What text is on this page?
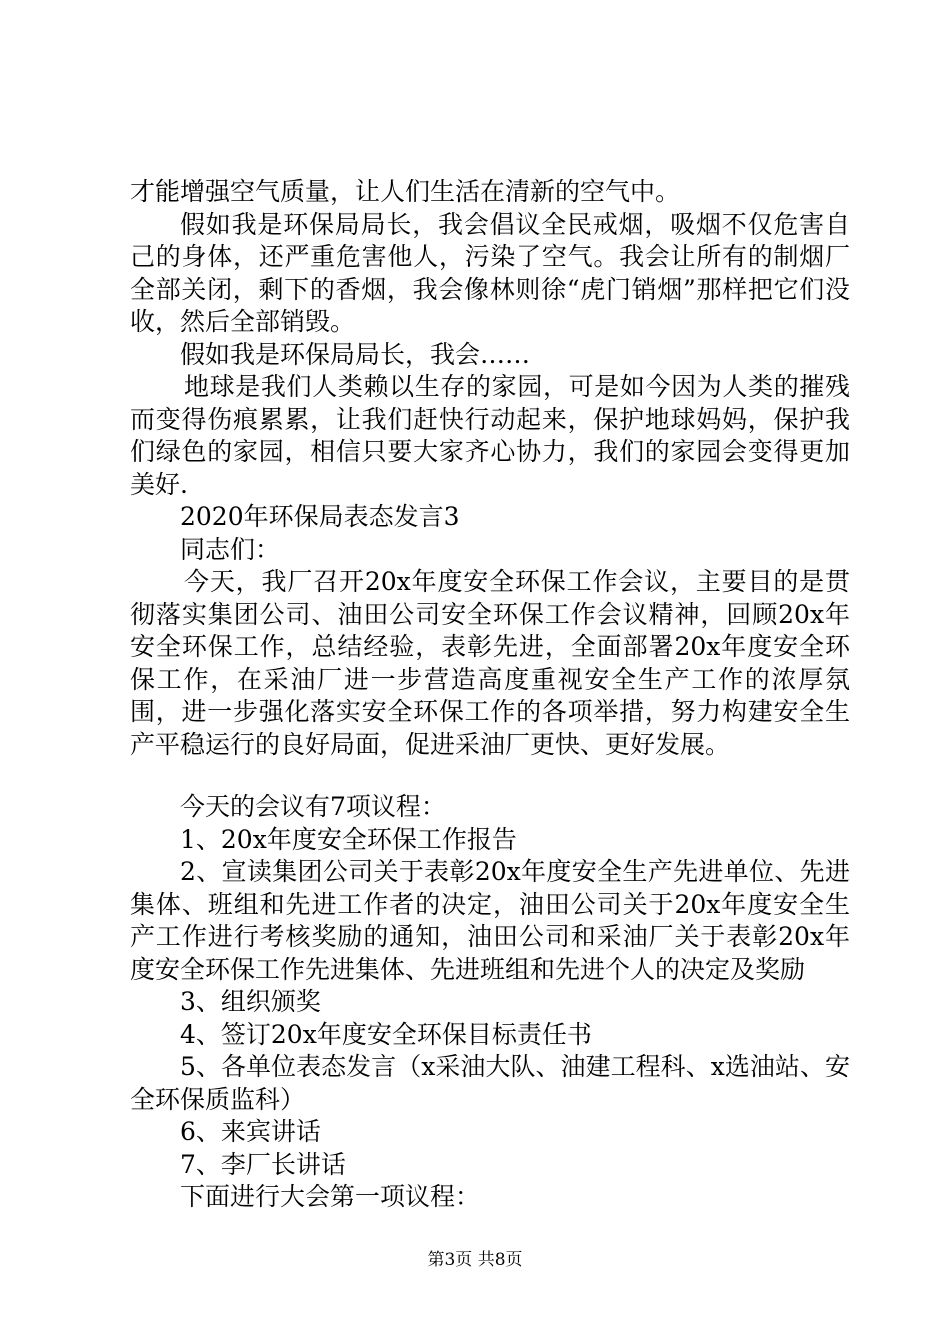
才能增强空气质量，让人们生活在清新的空气中。

假如我是环保局局长，我会倡议全民戒烟，吸烟不仅危害自己的身体，还严重危害他人，污染了空气。我会让所有的制烟厂全部关闭，剩下的香烟，我会像林则徐“虎门销烟”那样把它们没收，然后全部销毁。

假如我是环保局局长，我会……

地球是我们人类赖以生存的家园，可是如今因为人类的摧残而变得伤痕累累，让我们赶快行动起来，保护地球妈妈，保护我们绿色的家园，相信只要大家齐心协力，我们的家园会变得更加美好.

2020年环保局表态发言3

同志们：

今天，我厂召开20x年度安全环保工作会议，主要目的是贯彻落实集团公司、油田公司安全环保工作会议精神，回顾20x年安全环保工作，总结经验，表彰先进，全面部署20x年度安全环保工作，在采油厂进一步营造高度重视安全生产工作的浓厚氛围，进一步强化落实安全环保工作的各项举措，努力构建安全生产平稳运行的良好局面，促进采油厂更快、更好发展。

今天的会议有7项议程：

1、20x年度安全环保工作报告

2、宣读集团公司关于表彰20x年度安全生产先进单位、先进集体、班组和先进工作者的决定，油田公司关于20x年度安全生产工作进行考核奖励的通知，油田公司和采油厂关于表彰20x年度安全环保工作先进集体、先进班组和先进个人的决定及奖励

3、组织颁奖

4、签订20x年度安全环保目标责任书

5、各单位表态发言（x采油大队、油建工程科、x选油站、安全环保质监科）

6、来宾讲话

7、李厂长讲话

下面进行大会第一项议程：

第3页 共8页
